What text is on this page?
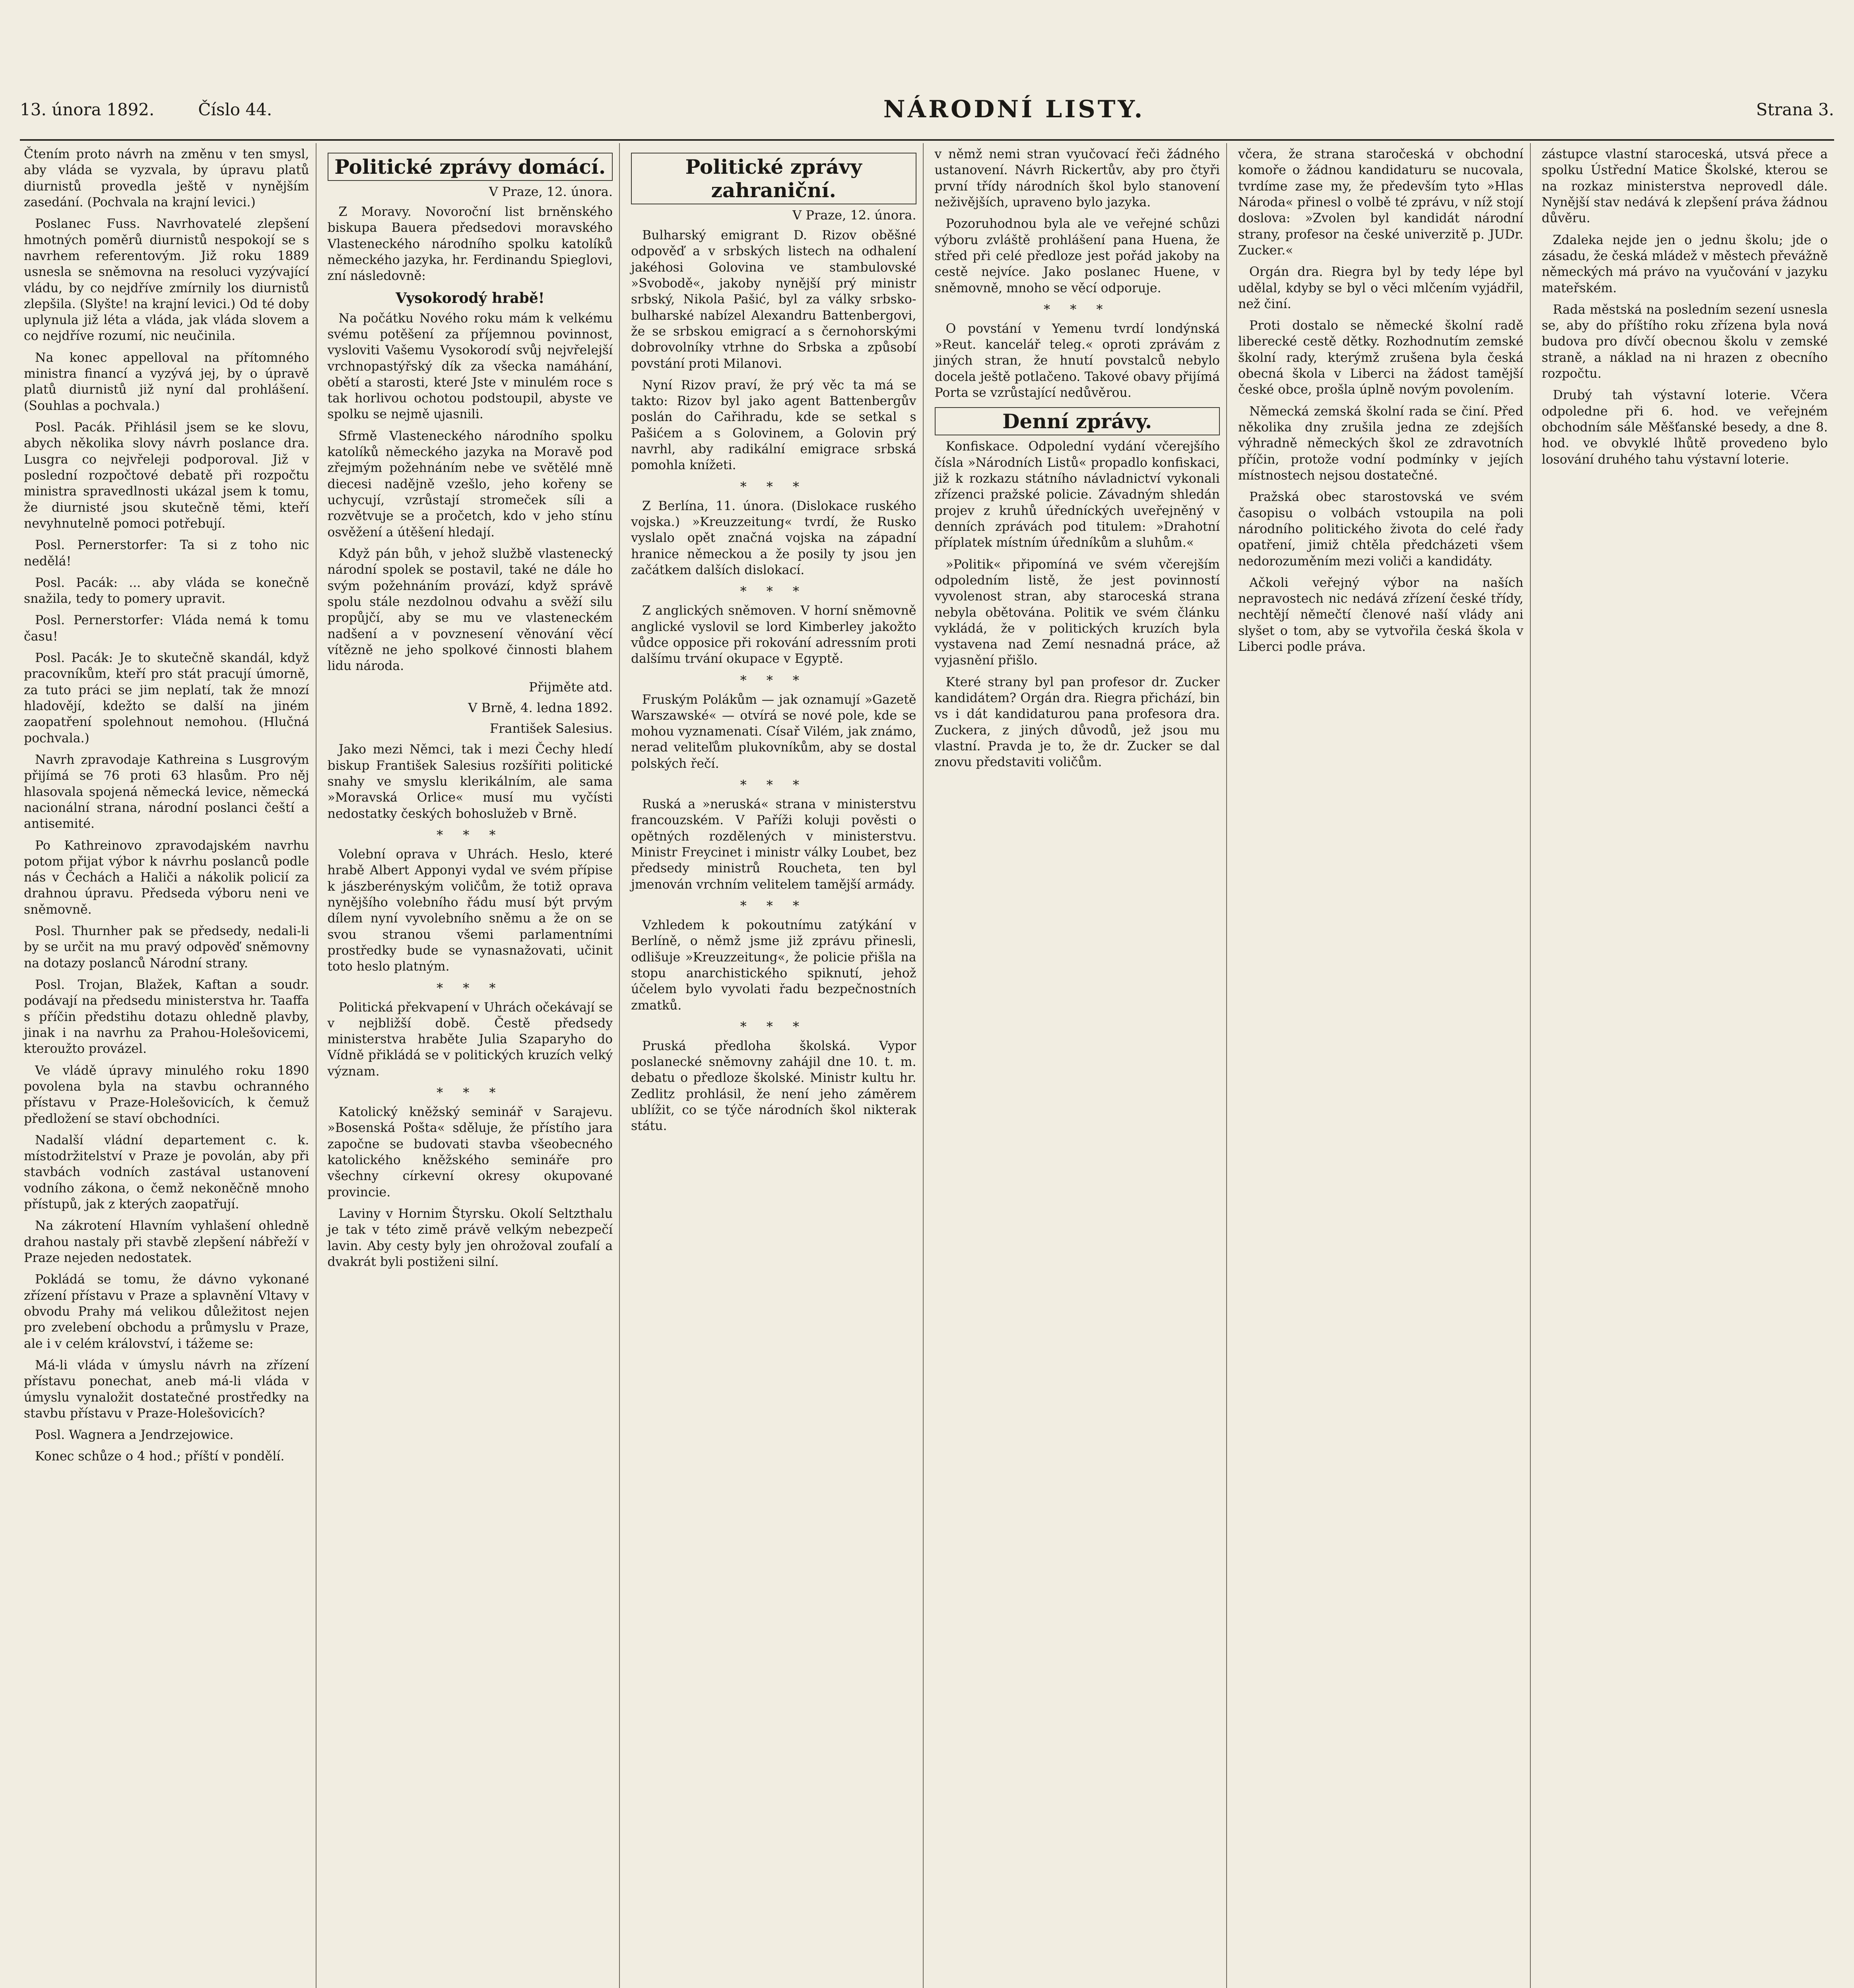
13. února 1892.	Číslo 44.	NÁRODNÍ LISTY.	Strana 3.

Čtením proto návrh na změnu v ten smysl, aby vláda se vyzvala, by úpravu platů diurnistů provedla ještě v nynějším zasedání. (Pochvala na krajní levici.)

Poslanec Fuss. Navrhovatelé zlepšení hmotných poměrů diurnistů nespokojí se s navrhem referentovým. Již roku 1889 usnesla se sněmovna na resoluci vyzývající vládu, by co nejdříve zmírnily los diurnistů zlepšila. (Slyšte! na krajní levici.) Od té doby uplynula již léta a vláda, jak vláda slovem a co nejdříve rozumí, nic neučinila.

Na konec appelloval na přítomného ministra financí a vyzývá jej, by o úpravě platů diurnistů již nyní dal prohlášení. (Souhlas a pochvala.)

Posl. Pacák. Přihlásil jsem se ke slovu, abych několika slovy návrh poslance dra. Lusgra co nejvřeleji podporoval. Již v poslední rozpočtové debatě při rozpočtu ministra spravedlnosti ukázal jsem k tomu, že diurnisté jsou skutečně těmi, kteří nevyhnutelně pomoci potřebují.

Posl. Pernerstorfer: Ta si z toho nic nedělá!

Posl. Pacák: ... aby vláda se konečně snažila, tedy to pomery upravit.

Posl. Pernerstorfer: Vláda nemá k tomu času!

Posl. Pacák: Je to skutečně skandál, když pracovníkům, kteří pro stát pracují úmorně, za tuto práci se jim neplatí, tak že mnozí hladovějí, kdežto se další na jiném zaopatření spolehnout nemohou. (Hlučná pochvala.)

Navrh zpravodaje Kathreina s Lusgrovým přijímá se 76 proti 63 hlasům. Pro něj hlasovala spojená německá levice, německá nacionální strana, národní poslanci čeští a antisemité.

Po Kathreinovo zpravodajském navrhu potom přijat výbor k návrhu poslanců podle nás v Čechách a Haliči a nákolik policií za drahnou úpravu. Předseda výboru neni ve sněmovně.

Posl. Thurnher pak se předsedy, nedali-li by se určit na mu pravý odpověď sněmovny na dotazy poslanců Národní strany.

Posl. Trojan, Blažek, Kaftan a soudr. podávají na předsedu ministerstva hr. Taaffa s příčin předstihu dotazu ohledně plavby, jinak i na navrhu za Prahou-Holešovicemi, kteroužto provázel.

Ve vládě úpravy minulého roku 1890 povolena byla na stavbu ochranného přístavu v Praze-Holešovicích, k čemuž předložení se staví obchodníci.

Nadalší vládní departement c. k. místodržitelství v Praze je povolán, aby při stavbách vodních zastával ustanovení vodního zákona, o čemž nekoněčně mnoho přístupů, jak z kterých zaopatřují.

Na zákrotení Hlavním vyhlašení ohledně drahou nastaly při stavbě zlepšení nábřeží v Praze nejeden nedostatek.

Pokládá se tomu, že dávno vykonané zřízení přístavu v Praze a splavnění Vltavy v obvodu Prahy má velikou důležitost nejen pro zvelebení obchodu a průmyslu v Praze, ale i v celém království, i tážeme se:

Má-li vláda v úmyslu návrh na zřízení přístavu ponechat, aneb má-li vláda v úmyslu vynaložit dostatečné prostředky na stavbu přístavu v Praze-Holešovicích?

Posl. Wagnera a Jendrzejowice.

Konec schůze o 4 hod.; příští v pondělí.

Politické zprávy domácí.
V Praze, 12. února.

Z Moravy. Novoroční list brněnského biskupa Bauera předsedovi moravského Vlasteneckého národního spolku katolíků německého jazyka, hr. Ferdinandu Spieglovi, zní následovně:

Vysokorodý hrabě!

Na počátku Nového roku mám k velkému svému potěšení za příjemnou povinnost, vysloviti Vašemu Vysokorodí svůj nejvřelejší vrchnopastýřský dík za všecka namáhání, obětí a starosti, které Jste v minulém roce s tak horlivou ochotou podstoupil, abyste ve spolku se nejmě ujasnili.

Sfrmě Vlasteneckého národního spolku katolíků německého jazyka na Moravě pod zřejmým požehnáním nebe ve světělé mně diecesi nadějně vzešlo, jeho kořeny se uchycují, vzrůstají stromeček síli a rozvětvuje se a pročetch, kdo v jeho stínu osvěžení a útěšení hledají.

Když pán bůh, v jehož službě vlastenecký národní spolek se postavil, také ne dále ho svým požehnáním provází, když správě spolu stále nezdolnou odvahu a svěží silu propůjčí, aby se mu ve vlasteneckém nadšení a v povznesení věnování věcí vítězně ne jeho spolkové činnosti blahem lidu národa.

Přijměte atd.
V Brně, 4. ledna 1892.
František Salesius.

Jako mezi Němci, tak i mezi Čechy hledí biskup František Salesius rozšířiti politické snahy ve smyslu klerikálním, ale sama »Moravská Orlice« musí mu vyčísti nedostatky českých bohoslužeb v Brně.

* * *

Volební oprava v Uhrách. Heslo, které hrabě Albert Apponyi vydal ve svém přípise k jászberényským voličům, že totiž oprava nynějšího volebního řádu musí být prvým dílem nyní vyvolebního sněmu a že on se svou stranou všemi parlamentními prostředky bude se vynasnažovati, učinit toto heslo platným.

* * *

Politická překvapení v Uhrách očekávají se v nejbližší době. Čestě předsedy ministerstva hraběte Julia Szaparyho do Vídně přikládá se v politických kruzích velký význam.

* * *

Katolický kněžský seminář v Sarajevu. »Bosenská Pošta« sděluje, že přístího jara započne se budovati stavba všeobecného katolického kněžského semináře pro všechny církevní okresy okupované provincie.

Laviny v Hornim Štyrsku. Okolí Seltzthalu je tak v této zimě právě velkým nebezpečí lavin. Aby cesty byly jen ohrožoval zoufalí a dvakrát byli postiženi silní.

Politické zprávy zahraniční.
V Praze, 12. února.

Bulharský emigrant D. Rizov oběšné odpověď a v srbských listech na odhalení jakéhosi Golovina ve stambulovské »Svobodě«, jakoby nynější prý ministr srbský, Nikola Pašić, byl za války srbsko-bulharské nabízel Alexandru Battenbergovi, že se srbskou emigrací a s černohorskými dobrovolníky vtrhne do Srbska a způsobí povstání proti Milanovi.

Nyní Rizov praví, že prý věc ta má se takto: Rizov byl jako agent Battenbergův poslán do Cařihradu, kde se setkal s Pašićem a s Golovinem, a Golovin prý navrhl, aby radikální emigrace srbská pomohla knížeti.

* * *

Z Berlína, 11. února. (Dislokace ruského vojska.) »Kreuzzeitung« tvrdí, že Rusko vyslalo opět značná vojska na západní hranice německou a že posily ty jsou jen začátkem dalších dislokací.

* * *

Z anglických sněmoven. V horní sněmovně anglické vyslovil se lord Kimberley jakožto vůdce opposice při rokování adressním proti dalšímu trvání okupace v Egyptě.

* * *

Fruským Polákům — jak oznamují »Gazetě Warszawské« — otvírá se nové pole, kde se mohou vyznamenati. Císař Vilém, jak známo, nerad veliteľům plukovníkům, aby se dostal polských řečí.

* * *

Ruská a »neruská« strana v ministerstvu francouzském. V Paříži koluji pověsti o opětných rozdělených v ministerstvu. Ministr Freycinet i ministr války Loubet, bez předsedy ministrů Roucheta, ten byl jmenován vrchním velitelem tamější armády.

* * *

Vzhledem k pokoutnímu zatýkání v Berlíně, o němž jsme již zprávu přinesli, odlišuje »Kreuzzeitung«, že policie přišla na stopu anarchistického spiknutí, jehož účelem bylo vyvolati řadu bezpečnostních zmatků.

* * *

Pruská předloha školská. Vypor poslanecké sněmovny zahájil dne 10. t. m. debatu o předloze školské. Ministr kultu hr. Zedlitz prohlásil, že není jeho záměrem ublížit, co se týče národních škol nikterak státu.

v němž nemi stran vyučovací řeči žádného ustanovení. Návrh Rickertův, aby pro čtyři první třídy národních škol bylo stanovení neživějších, upraveno bylo jazyka.

Pozoruhodnou byla ale ve veřejné schůzi výboru zvláště prohlášení pana Huena, že střed při celé předloze jest pořád jakoby na cestě nejvíce. Jako poslanec Huene, v sněmovně, mnoho se věcí odporuje.

* * *

O povstání v Yemenu tvrdí londýnská »Reut. kancelář teleg.« oproti zprávám z jiných stran, že hnutí povstalců nebylo docela ještě potlačeno. Takové obavy přijímá Porta se vzrůstající nedůvěrou.

Denní zprávy.

Konfiskace. Odpolední vydání včerejšího čísla »Národních Listů« propadlo konfiskaci, již k rozkazu státního návladnictví vykonali zřízenci pražské policie. Závadným shledán projev z kruhů úředníckých uveřejněný v denních zprávách pod titulem: »Drahotní příplatek místním úředníkům a sluhům.«

»Politik« připomíná ve svém včerejším odpoledním listě, že jest povinností vyvolenost stran, aby staroceská strana nebyla obětována. Politik ve svém článku vykládá, že v politických kruzích byla vystavena nad Zemí nesnadná práce, až vyjasnění přišlo.

Které strany byl pan profesor dr. Zucker kandidátem? Orgán dra. Riegra přichází, bin vs i dát kandidaturou pana profesora dra. Zuckera, z jiných důvodů, jež jsou mu vlastní. Pravda je to, že dr. Zucker se dal znovu představiti voličům.

včera, že strana staročeská v obchodní komoře o žádnou kandidaturu se nucovala, tvrdíme zase my, že především tyto »Hlas Národa« přinesl o volbě té zprávu, v níž stojí doslova: »Zvolen byl kandidát národní strany, profesor na české univerzitě p. JUDr. Zucker.«

Orgán dra. Riegra byl by tedy lépe byl udělal, kdyby se byl o věci mlčením vyjádřil, než činí.

Proti dostalo se německé školní radě liberecké cestě dětky. Rozhodnutím zemské školní rady, kterýmž zrušena byla česká obecná škola v Liberci na žádost tamější české obce, prošla úplně novým povolením.

Německá zemská školní rada se činí. Před několika dny zrušila jedna ze zdejších výhradně německých škol ze zdravotních příčin, protože vodní podmínky v jejích místnostech nejsou dostatečné.

Pražská obec starostovská ve svém časopisu o volbách vstoupila na poli národního politického života do celé řady opatření, jimiž chtěla předcházeti všem nedorozuměním mezi voliči a kandidáty.

Ačkoli veřejný výbor na naších nepravostech nic nedává zřízení české třídy, nechtějí němečtí členové naší vlády ani slyšet o tom, aby se vytvořila česká škola v Liberci podle práva.

zástupce vlastní staroceská, utsvá přece a spolku Ústřední Matice Školské, kterou se na rozkaz ministerstva neprovedl dále. Nynější stav nedává k zlepšení práva žádnou důvěru.

Zdaleka nejde jen o jednu školu; jde o zásadu, že česká mládež v městech převážně německých má právo na vyučování v jazyku mateřském.

Rada městská na posledním sezení usnesla se, aby do příštího roku zřízena byla nová budova pro dívčí obecnou školu v zemské straně, a náklad na ni hrazen z obecního rozpočtu.

Drubý tah výstavní loterie. Včera odpoledne při 6. hod. ve veřejném obchodním sále Měšťanské besedy, a dne 8. hod. ve obvyklé lhůtě provedeno bylo losování druhého tahu výstavní loterie.
